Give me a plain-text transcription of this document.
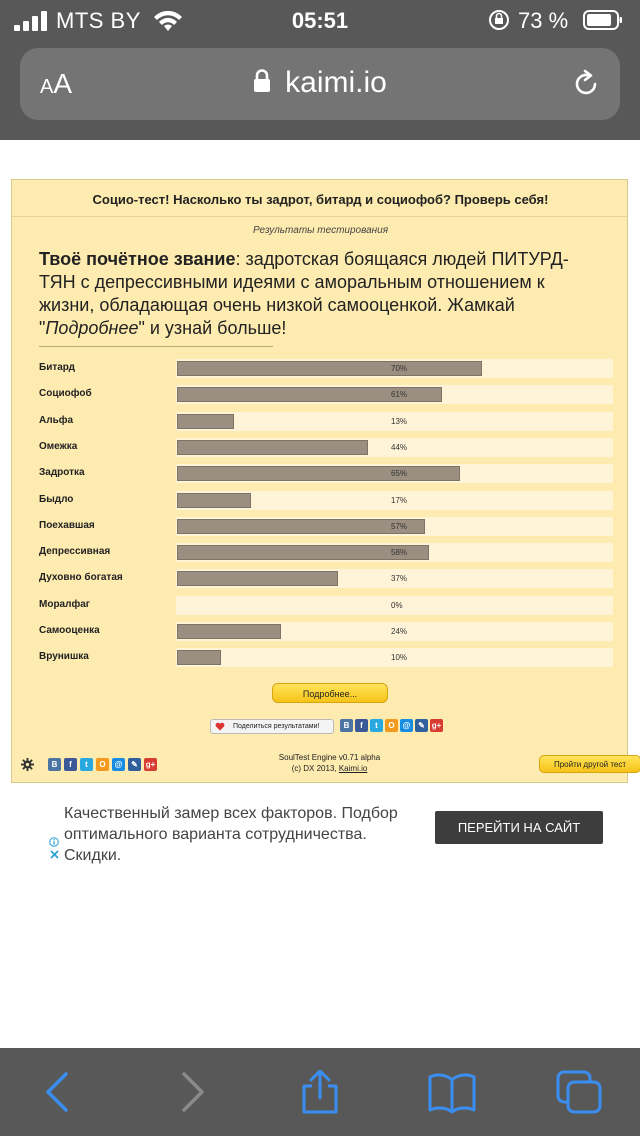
MTS BY	05:51	73 %
AA	kaimi.io
Социо-тест! Насколько ты задрот, битард и социофоб? Проверь себя!
Результаты тестирования
Твоё почётное звание: задротская боящаяся людей ПИТУРД-ТЯН с депрессивными идеями с аморальным отношением к жизни, обладающая очень низкой самооценкой. Жамкай "Подробнее" и узнай больше!
Битард	70%
Социофоб	61%
Альфа	13%
Омежка	44%
Задротка	65%
Быдло	17%
Поехавшая	57%
Депрессивная	58%
Духовно богатая	37%
Моралфаг	0%
Самооценка	24%
Врунишка	10%
Подробнее...
Поделиться результатами!	В	f	t	О @ ✎ g+
В	f	t	О	@	✎ g+
SoulTest Engine v0.71 alpha
(c) DX 2013, Kaimi.io	Пройти другой тест
Качественный замер всех факторов. Подбор оптимального варианта сотрудничества. Скидки.
ПЕРЕЙТИ НА САЙТ
